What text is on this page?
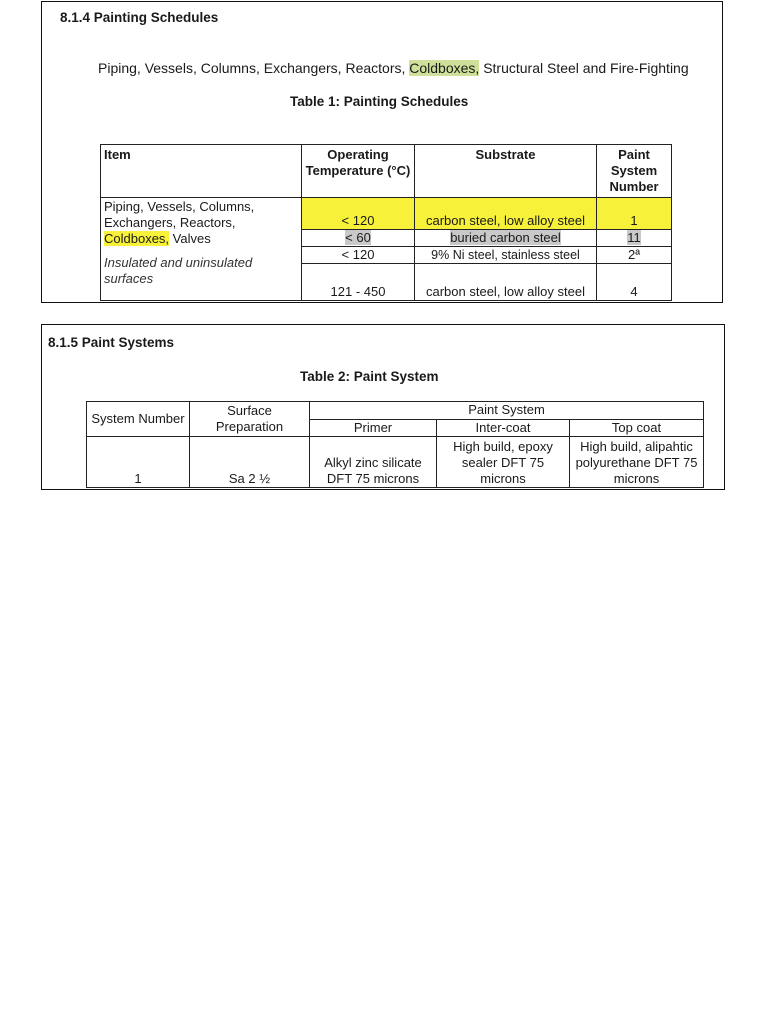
8.1.4 Painting Schedules
Piping, Vessels, Columns, Exchangers, Reactors, Coldboxes, Structural Steel and Fire-Fighting
Table 1: Painting Schedules
Item	Operating Temperature (°C)	Substrate	Paint System Number
Piping, Vessels, Columns,
Exchangers, Reactors,
Coldboxes, Valves
Insulated and uninsulated surfaces	< 120	carbon steel, low alloy steel	1
	< 60	buried carbon steel	11
	< 120	9% Ni steel, stainless steel	2ª
	121 - 450	carbon steel, low alloy steel	4
8.1.5 Paint Systems
Table 2: Paint System
System Number	Surface Preparation	Paint System		
		Primer	Inter-coat	Top coat
1	Sa 2 ½	Alkyl zinc silicate DFT 75 microns	High build, epoxy sealer DFT 75 microns	High build, alipahtic polyurethane DFT 75 microns
